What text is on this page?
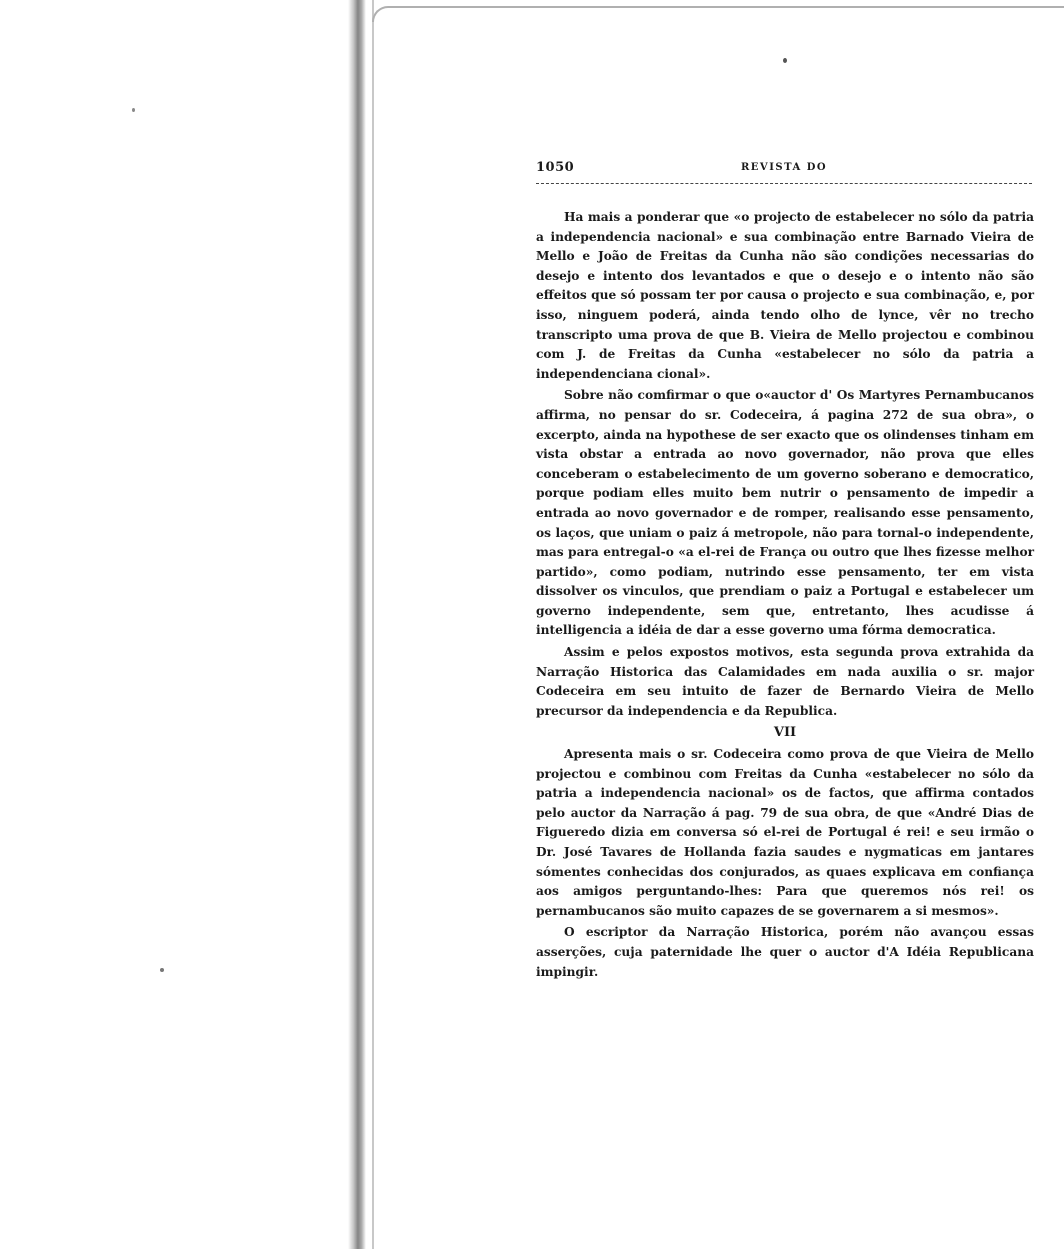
1050	REVISTA DO

Ha mais a ponderar que «o projecto de estabelecer no sólo da patria a independencia nacional» e sua combinação entre Barnado Vieira de Mello e João de Freitas da Cunha não são condições necessarias do desejo e intento dos levantados e que o desejo e o intento não são effeitos que só possam ter por causa o projecto e sua combinação, e, por isso, ninguem poderá, ainda tendo olho de lynce, vêr no trecho transcripto uma prova de que B. Vieira de Mello projectou e combinou com J. de Freitas da Cunha «estabelecer no sólo da patria a independenciana cional».

Sobre não comfirmar o que o«auctor d' Os Martyres Pernambucanos affirma, no pensar do sr. Codeceira, á pagina 272 de sua obra», o excerpto, ainda na hypothese de ser exacto que os olindenses tinham em vista obstar a entrada ao novo governador, não prova que elles conceberam o estabelecimento de um governo soberano e democratico, porque podiam elles muito bem nutrir o pensamento de impedir a entrada ao novo governador e de romper, realisando esse pensamento, os laços, que uniam o paiz á metropole, não para tornal-o independente, mas para entregal-o «a el-rei de França ou outro que lhes fizesse melhor partido», como podiam, nutrindo esse pensamento, ter em vista dissolver os vinculos, que prendiam o paiz a Portugal e estabelecer um governo independente, sem que, entretanto, lhes acudisse á intelligencia a idéia de dar a esse governo uma fórma democratica.

Assim e pelos expostos motivos, esta segunda prova extrahida da Narração Historica das Calamidades em nada auxilia o sr. major Codeceira em seu intuito de fazer de Bernardo Vieira de Mello precursor da independencia e da Republica.

VII

Apresenta mais o sr. Codeceira como prova de que Vieira de Mello projectou e combinou com Freitas da Cunha «estabelecer no sólo da patria a independencia nacional» os de factos, que affirma contados pelo auctor da Narração á pag. 79 de sua obra, de que «André Dias de Figueredo dizia em conversa só el-rei de Portugal é rei! e seu irmão o Dr. José Tavares de Hollanda fazia saudes e nygmaticas em jantares sómentes conhecidas dos conjurados, as quaes explicava em confiança aos amigos perguntando-lhes: Para que queremos nós rei! os pernambucanos são muito capazes de se governarem a si mesmos».

O escriptor da Narração Historica, porém não avançou essas asserções, cuja paternidade lhe quer o auctor d'A Idéia Republicana impingir.
